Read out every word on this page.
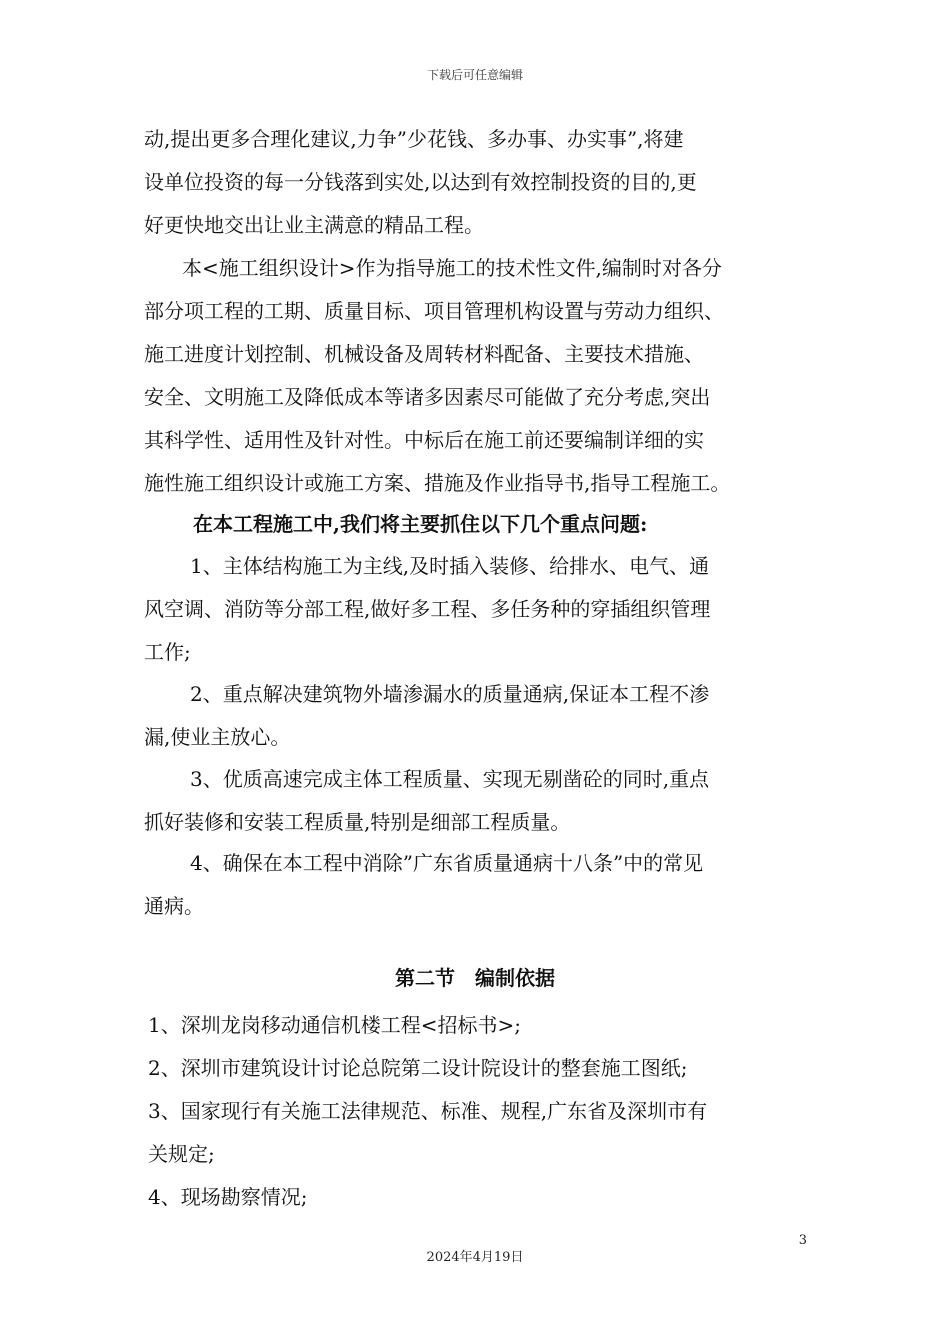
下载后可任意编辑
动,提出更多合理化建议,力争”少花钱、多办事、办实事”,将建
设单位投资的每一分钱落到实处,以达到有效控制投资的目的,更
好更快地交出让业主满意的精品工程。
本<施工组织设计>作为指导施工的技术性文件,编制时对各分
部分项工程的工期、质量目标、项目管理机构设置与劳动力组织、
施工进度计划控制、机械设备及周转材料配备、主要技术措施、
安全、文明施工及降低成本等诸多因素尽可能做了充分考虑,突出
其科学性、适用性及针对性。中标后在施工前还要编制详细的实
施性施工组织设计或施工方案、措施及作业指导书,指导工程施工。
在本工程施工中,我们将主要抓住以下几个重点问题:
1、主体结构施工为主线,及时插入装修、给排水、电气、通
风空调、消防等分部工程,做好多工程、多任务种的穿插组织管理
工作;
2、重点解决建筑物外墙渗漏水的质量通病,保证本工程不渗
漏,使业主放心。
3、优质高速完成主体工程质量、实现无剔凿砼的同时,重点
抓好装修和安装工程质量,特别是细部工程质量。
4、确保在本工程中消除”广东省质量通病十八条”中的常见
通病。
第二节　编制依据
1、深圳龙岗移动通信机楼工程<招标书>;
2、深圳市建筑设计讨论总院第二设计院设计的整套施工图纸;
3、国家现行有关施工法律规范、标准、规程,广东省及深圳市有
关规定;
4、现场勘察情况;
3
2024年4月19日
